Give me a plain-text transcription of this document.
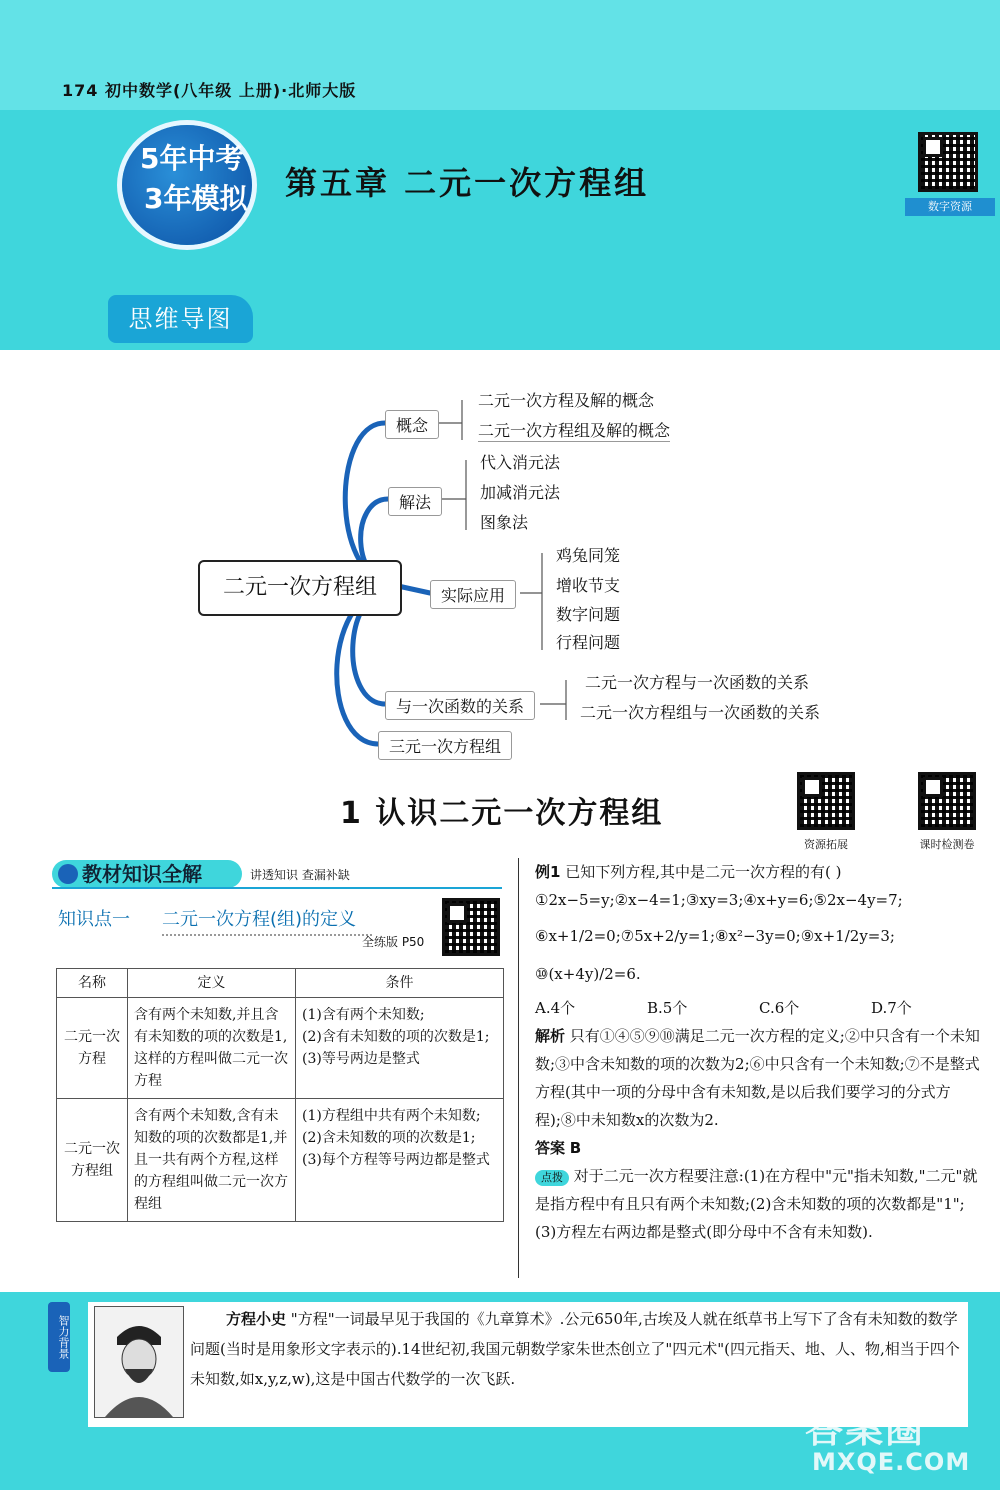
174 初中数学(八年级 上册)·北师大版
5年中考
3年模拟 第五章 二元一次方程组
数字资源
思维导图
二元一次方程组
概念
二元一次方程及解的概念
二元一次方程组及解的概念
解法
代入消元法
加减消元法
图象法
实际应用
鸡兔同笼
增收节支
数字问题
行程问题
与一次函数的关系
二元一次方程与一次函数的关系
二元一次方程组与一次函数的关系
三元一次方程组
1 认识二元一次方程组
资源拓展	课时检测卷
教材知识全解	讲透知识 查漏补缺
知识点一 二元一次方程(组)的定义
全练版 P50
名称	定义	条件
二元一次
方程	含有两个未知数,并且含有未知数的项的次数是1,这样的方程叫做二元一次方程	(1)含有两个未知数;
(2)含有未知数的项的次数是1;
(3)等号两边是整式
二元一次
方程组	含有两个未知数,含有未知数的项的次数都是1,并且一共有两个方程,这样的方程组叫做二元一次方程组	(1)方程组中共有两个未知数;
(2)含未知数的项的次数是1;
(3)每个方程等号两边都是整式
例1 已知下列方程,其中是二元一次方程的有( )
①2x−5=y;②x−4=1;③xy=3;④x+y=6;⑤2x−4y=7;
⑥x+1/2=0;⑦5x+2/y=1;⑧x²−3y=0;⑨x+1/2y=3;
⑩(x+4y)/2=6.
A.4个	B.5个	C.6个	D.7个
解析 只有①④⑤⑨⑩满足二元一次方程的定义;②中只含有一个未知数;③中含未知数的项的次数为2;⑥中只含有一个未知数;⑦不是整式方程(其中一项的分母中含有未知数,是以后我们要学习的分式方程);⑧中未知数x的次数为2.
答案 B
点拨 对于二元一次方程要注意:(1)在方程中"元"指未知数,"二元"就是指方程中有且只有两个未知数;(2)含未知数的项的次数都是"1";(3)方程左右两边都是整式(即分母中不含有未知数).
智力背景	方程小史 "方程"一词最早见于我国的《九章算术》.公元650年,古埃及人就在纸草书上写下了含有未知数的数学问题(当时是用象形文字表示的).14世纪初,我国元朝数学家朱世杰创立了"四元术"(四元指天、地、人、物,相当于四个未知数,如x,y,z,w),这是中国古代数学的一次飞跃.
答案圈
MXQE.COM
